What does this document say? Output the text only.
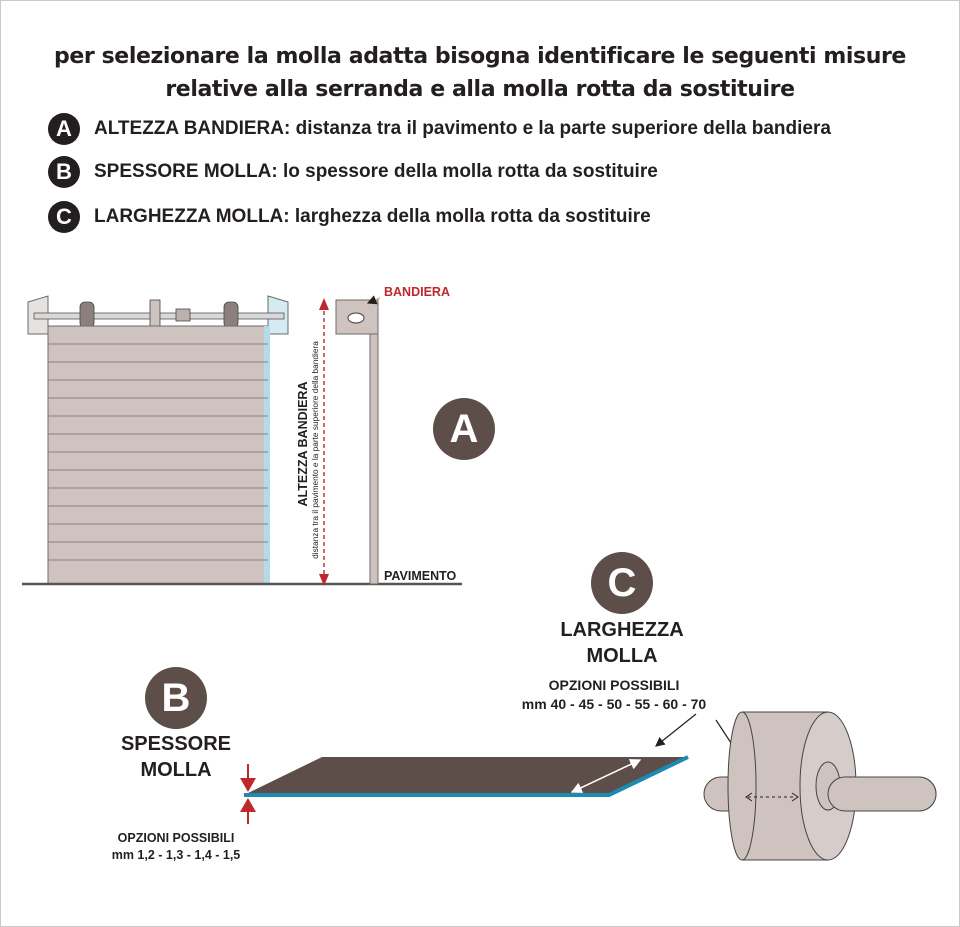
per selezionare la molla adatta bisogna identificare le seguenti misure
relative alla serranda e alla molla rotta da sostituire
A	ALTEZZA BANDIERA: distanza tra il pavimento e la parte superiore della bandiera
B	SPESSORE MOLLA: lo spessore della molla rotta da sostituire
C	LARGHEZZA MOLLA: larghezza della molla rotta da sostituire
ALTEZZA BANDIERA distanza tra il pavimento e la parte superiore della bandiera
BANDIERA
PAVIMENTO
A
B
SPESSORE
MOLLA
OPZIONI POSSIBILI
mm 1,2 - 1,3 - 1,4 - 1,5
C
LARGHEZZA
MOLLA
OPZIONI POSSIBILI
mm 40 - 45 - 50 - 55 - 60 - 70
